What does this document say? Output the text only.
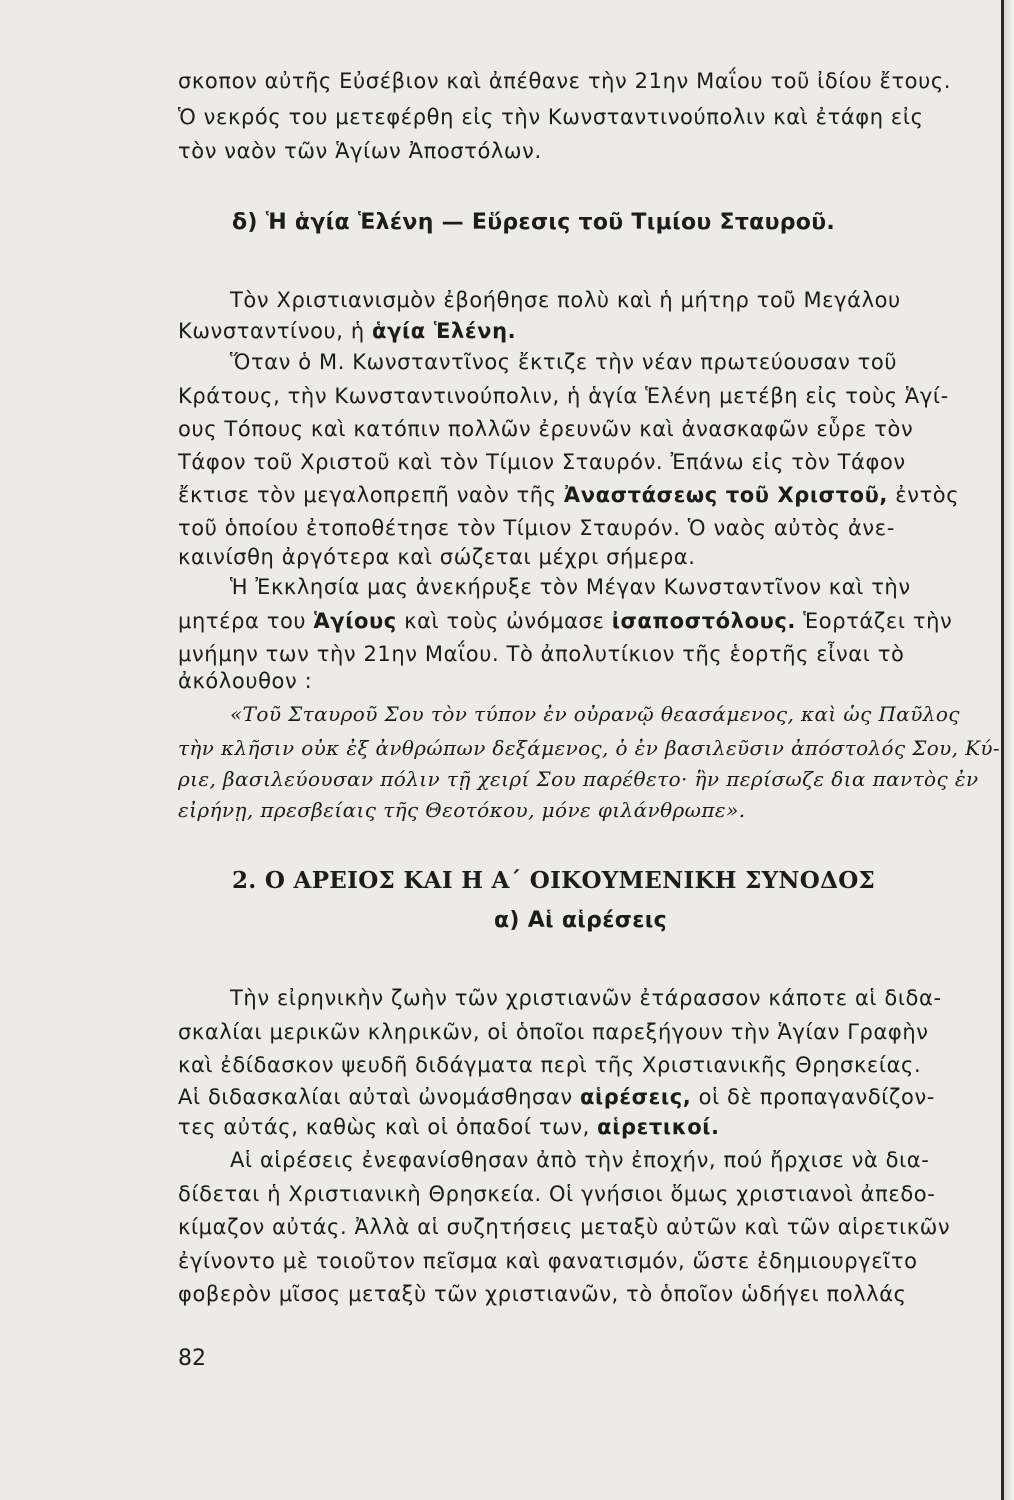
σκοπον αὐτῆς Εὐσέβιον καὶ ἀπέθανε τὴν 21ην Μαΐου τοῦ ἰδίου ἔτους.
Ὁ νεκρός του μετεφέρθη εἰς τὴν Κωνσταντινούπολιν καὶ ἐτάφη εἰς
τὸν ναὸν τῶν Ἁγίων Ἀποστόλων.
δ) Ἡ ἁγία Ἑλένη — Εὕρεσις τοῦ Τιμίου Σταυροῦ.
Τὸν Χριστιανισμὸν ἐβοήθησε πολὺ καὶ ἡ μήτηρ τοῦ Μεγάλου
Κωνσταντίνου, ἡ ἁγία Ἑλένη.
Ὅταν ὁ Μ. Κωνσταντῖνος ἔκτιζε τὴν νέαν πρωτεύουσαν τοῦ
Κράτους, τὴν Κωνσταντινούπολιν, ἡ ἁγία Ἑλένη μετέβη εἰς τοὺς Ἁγί-
ους Τόπους καὶ κατόπιν πολλῶν ἐρευνῶν καὶ ἀνασκαφῶν εὗρε τὸν
Τάφον τοῦ Χριστοῦ καὶ τὸν Τίμιον Σταυρόν. Ἐπάνω εἰς τὸν Τάφον
ἔκτισε τὸν μεγαλοπρεπῆ ναὸν τῆς Ἀναστάσεως τοῦ Χριστοῦ, ἐντὸς
τοῦ ὁποίου ἐτοποθέτησε τὸν Τίμιον Σταυρόν. Ὁ ναὸς αὐτὸς ἀνε-
καινίσθη ἀργότερα καὶ σώζεται μέχρι σήμερα.
Ἡ Ἐκκλησία μας ἀνεκήρυξε τὸν Μέγαν Κωνσταντῖνον καὶ τὴν
μητέρα του Ἁγίους καὶ τοὺς ὠνόμασε ἰσαποστόλους. Ἑορτάζει τὴν
μνήμην των τὴν 21ην Μαΐου. Τὸ ἀπολυτίκιον τῆς ἑορτῆς εἶναι τὸ
ἀκόλουθον :
«Τοῦ Σταυροῦ Σου τὸν τύπον ἐν οὐρανῷ θεασάμενος, καὶ ὡς Παῦλος
τὴν κλῆσιν οὐκ ἐξ ἀνθρώπων δεξάμενος, ὁ ἐν βασιλεῦσιν ἀπόστολός Σου, Κύ-
ριε, βασιλεύουσαν πόλιν τῇ χειρί Σου παρέθετο· ἣν περίσωζε δια παντὸς ἐν
εἰρήνῃ, πρεσβείαις τῆς Θεοτόκου, μόνε φιλάνθρωπε».
2. Ο ΑΡΕΙΟΣ ΚΑΙ Η Α΄ ΟΙΚΟΥΜΕΝΙΚΗ ΣΥΝΟΔΟΣ
α) Αἱ αἱρέσεις
Τὴν εἰρηνικὴν ζωὴν τῶν χριστιανῶν ἐτάρασσον κάποτε αἱ διδα-
σκαλίαι μερικῶν κληρικῶν, οἱ ὁποῖοι παρεξήγουν τὴν Ἁγίαν Γραφὴν
καὶ ἐδίδασκον ψευδῆ διδάγματα περὶ τῆς Χριστιανικῆς Θρησκείας.
Αἱ διδασκαλίαι αὐταὶ ὠνομάσθησαν αἱρέσεις, οἱ δὲ προπαγανδίζον-
τες αὐτάς, καθὼς καὶ οἱ ὀπαδοί των, αἱρετικοί.
Αἱ αἱρέσεις ἐνεφανίσθησαν ἀπὸ τὴν ἐποχήν, πού ἤρχισε νὰ δια-
δίδεται ἡ Χριστιανικὴ Θρησκεία. Οἱ γνήσιοι ὅμως χριστιανοὶ ἀπεδο-
κίμαζον αὐτάς. Ἀλλὰ αἱ συζητήσεις μεταξὺ αὐτῶν καὶ τῶν αἱρετικῶν
ἐγίνοντο μὲ τοιοῦτον πεῖσμα καὶ φανατισμόν, ὥστε ἐδημιουργεῖτο
φοβερὸν μῖσος μεταξὺ τῶν χριστιανῶν, τὸ ὁποῖον ὡδήγει πολλάς
82
